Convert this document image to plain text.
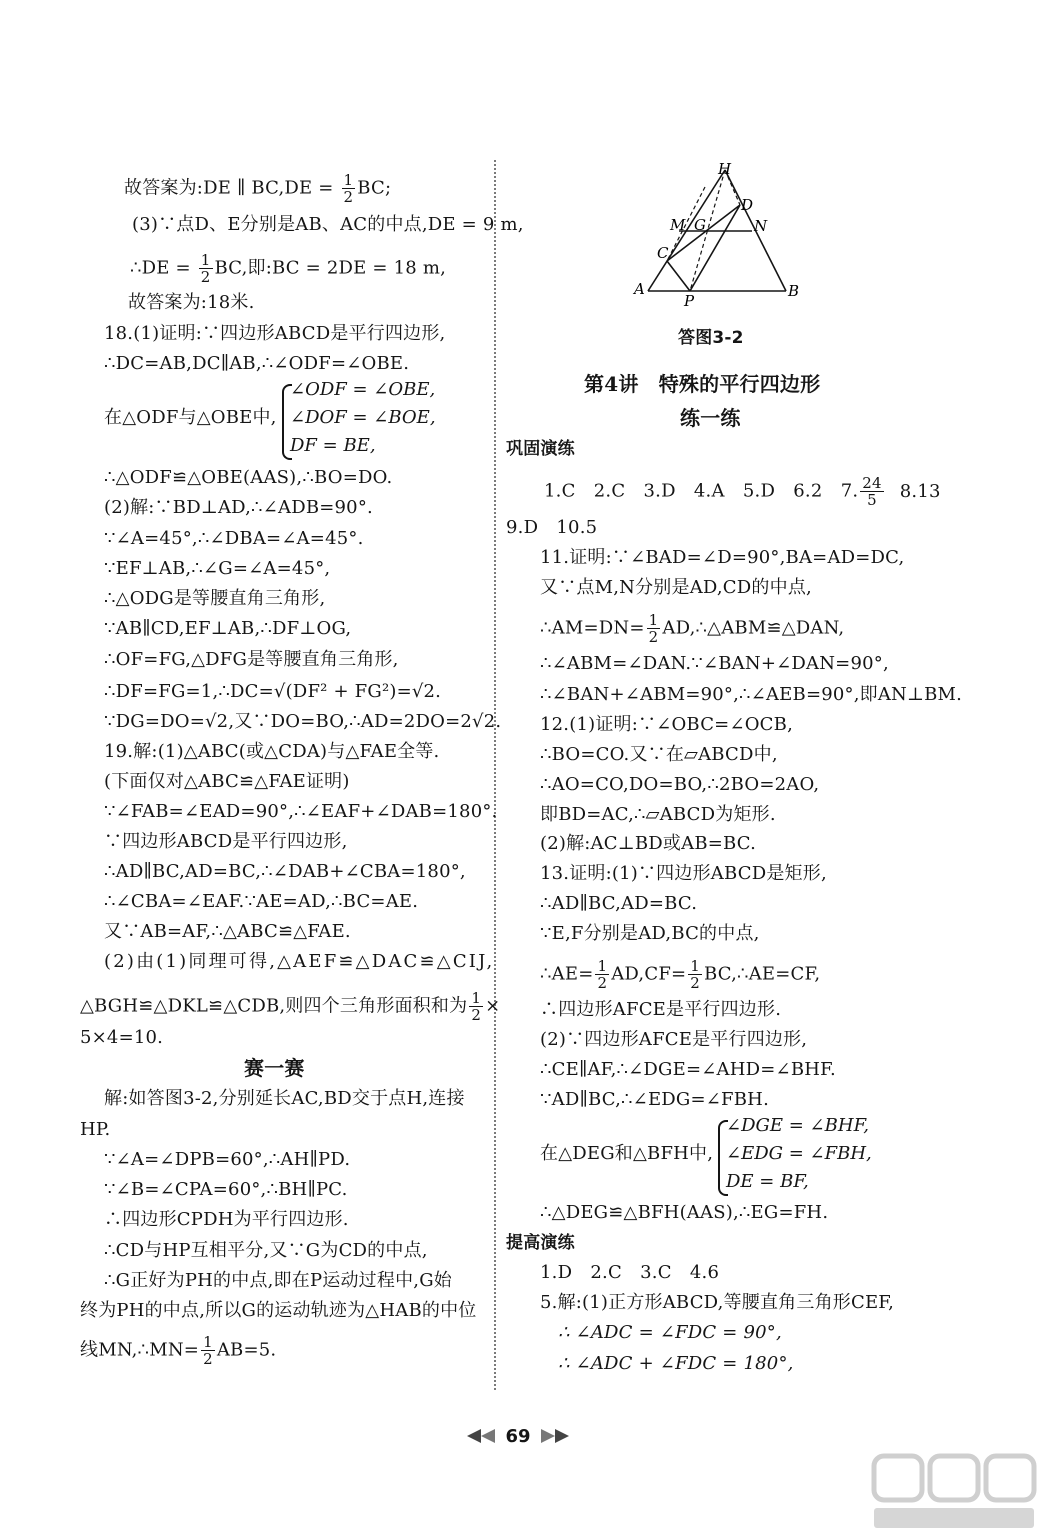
故答案为:DE ∥ $BC,DE = \frac{1}{2}$ BC;
(3)∵点D、E分别是AB、AC的中点,DE = 9 m,
∴DE = $\frac{1}{2}$ BC,即:BC = 2DE = 18 m,
故答案为:18米.
18.(1)证明:∵四边形ABCD是平行四边形,
∴DC=AB,DC∥AB,∴∠ODF=∠OBE.
在△ODF与△OBE中,
∠ODF = ∠OBE,
∠DOF = ∠BOE,
DF = BE,
∴△ODF≌△OBE(AAS),∴BO=DO.
(2)解:∵BD⊥AD,∴∠ADB=90°.
∵∠A=45°,∴∠DBA=∠A=45°.
∵EF⊥AB,∴∠G=∠A=45°,
∴△ODG是等腰直角三角形,
∵AB∥CD,EF⊥AB,∴DF⊥OG,
∴OF=FG,△DFG是等腰直角三角形,
∴DF=FG=1,∴DC=√(DF² + FG²)=√2.
∵DG=DO=√2,又∵DO=BO,∴AD=2DO=2√2.
19.解:(1)△ABC(或△CDA)与△FAE全等.
(下面仅对△ABC≌△FAE证明)
∵∠FAB=∠EAD=90°,∴∠EAF+∠DAB=180°.
∵四边形ABCD是平行四边形,
∴AD∥BC,AD=BC,∴∠DAB+∠CBA=180°,
∴∠CBA=∠EAF.∵AE=AD,∴BC=AE.
又∵AB=AF,∴△ABC≌△FAE.
(2)由(1)同理可得,△AEF≌△DAC≌△CIJ,
△BGH≌△DKL≌△CDB,则四个三角形面积和为 $\frac{1}{2}$ ×
5×4=10.
赛一赛
解:如答图3-2,分别延长AC,BD交于点H,连接
HP.
∵∠A=∠DPB=60°,∴AH∥PD.
∵∠B=∠CPA=60°,∴BH∥PC.
∴四边形CPDH为平行四边形.
∴CD与HP互相平分,又∵G为CD的中点,
∴G正好为PH的中点,即在P运动过程中,G始
终为PH的中点,所以G的运动轨迹为△HAB的中位
线MN,∴MN= $\frac{1}{2} AB=5$.
H
D
M G	N
C
A
P
B
答图3-2
第4讲　特殊的平行四边形
练一练
巩固演练
1.C　2.C　3.D　4.A　5.D　6.2　7. $\frac{24}{5} 8.13$
9.D　10.5
11.证明:∵∠BAD=∠D=90°,BA=AD=DC,
又∵点M,N分别是AD,CD的中点,
∴AM=DN= $\frac{1}{2}$ AD,∴△ABM≌△DAN,
∴∠ABM=∠DAN.∵∠BAN+∠DAN=90°,
∴∠BAN+∠ABM=90°,∴∠AEB=90°,即AN⊥BM.
12.(1)证明:∵∠OBC=∠OCB,
∴BO=CO.又∵在▱ABCD中,
∴AO=CO,DO=BO,∴2BO=2AO,
即BD=AC,∴▱ABCD为矩形.
(2)解:AC⊥BD或AB=BC.
13.证明:(1)∵四边形ABCD是矩形,
∴AD∥BC,AD=BC.
∵E,F分别是AD,BC的中点,
∴AE= $\frac{1}{2} AD,CF= \frac{1}{2}$ BC,∴AE=CF,
∴四边形AFCE是平行四边形.
(2)∵四边形AFCE是平行四边形,
∴CE∥AF,∴∠DGE=∠AHD=∠BHF.
∵AD∥BC,∴∠EDG=∠FBH.
在△DEG和△BFH中,
∠DGE = ∠BHF,
∠EDG = ∠FBH,
DE = BF,
∴△DEG≌△BFH(AAS),∴EG=FH.
提高演练
1.D　2.C　3.C　4.6
5.解:(1)正方形ABCD,等腰直角三角形CEF,
∴ ∠ADC = ∠FDC = 90°,
∴ ∠ADC + ∠FDC = 180°,
69
